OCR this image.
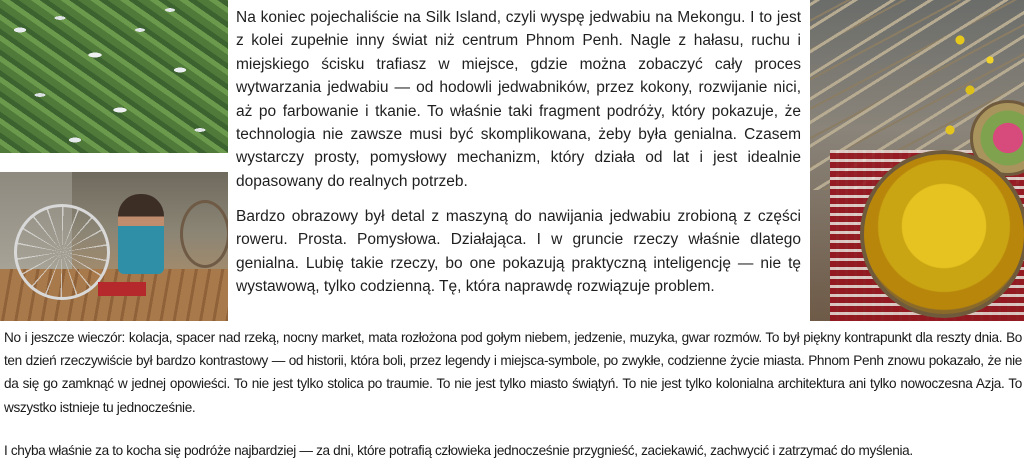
Na koniec pojechaliście na Silk Island, czyli wyspę jedwabiu na Mekongu. I to jest z kolei zupełnie inny świat niż centrum Phnom Penh. Nagle z hałasu, ruchu i miejskiego ścisku trafiasz w miejsce, gdzie można zobaczyć cały proces wytwarzania jedwabiu — od hodowli jedwabników, przez kokony, rozwijanie nici, aż po farbowanie i tkanie. To właśnie taki fragment podróży, który pokazuje, że technologia nie zawsze musi być skomplikowana, żeby była genialna. Czasem wystarczy prosty, pomysłowy mechanizm, który działa od lat i jest idealnie dopasowany do realnych potrzeb.

Bardzo obrazowy był detal z maszyną do nawijania jedwabiu zrobioną z części roweru. Prosta. Pomysłowa. Działająca. I w gruncie rzeczy właśnie dlatego genialna. Lubię takie rzeczy, bo one pokazują praktyczną inteligencję — nie tę wystawową, tylko codzienną. Tę, która naprawdę rozwiązuje problem.

No i jeszcze wieczór: kolacja, spacer nad rzeką, nocny market, mata rozłożona pod gołym niebem, jedzenie, muzyka, gwar rozmów. To był piękny kontrapunkt dla reszty dnia. Bo ten dzień rzeczywiście był bardzo kontrastowy — od historii, która boli, przez legendy i miejsca-symbole, po zwykłe, codzienne życie miasta. Phnom Penh znowu pokazało, że nie da się go zamknąć w jednej opowieści. To nie jest tylko stolica po traumie. To nie jest tylko miasto świątyń. To nie jest tylko kolonialna architektura ani tylko nowoczesna Azja. To wszystko istnieje tu jednocześnie.

I chyba właśnie za to kocha się podróże najbardziej — za dni, które potrafią człowieka jednocześnie przygnieść, zaciekawić, zachwycić i zatrzymać do myślenia.
